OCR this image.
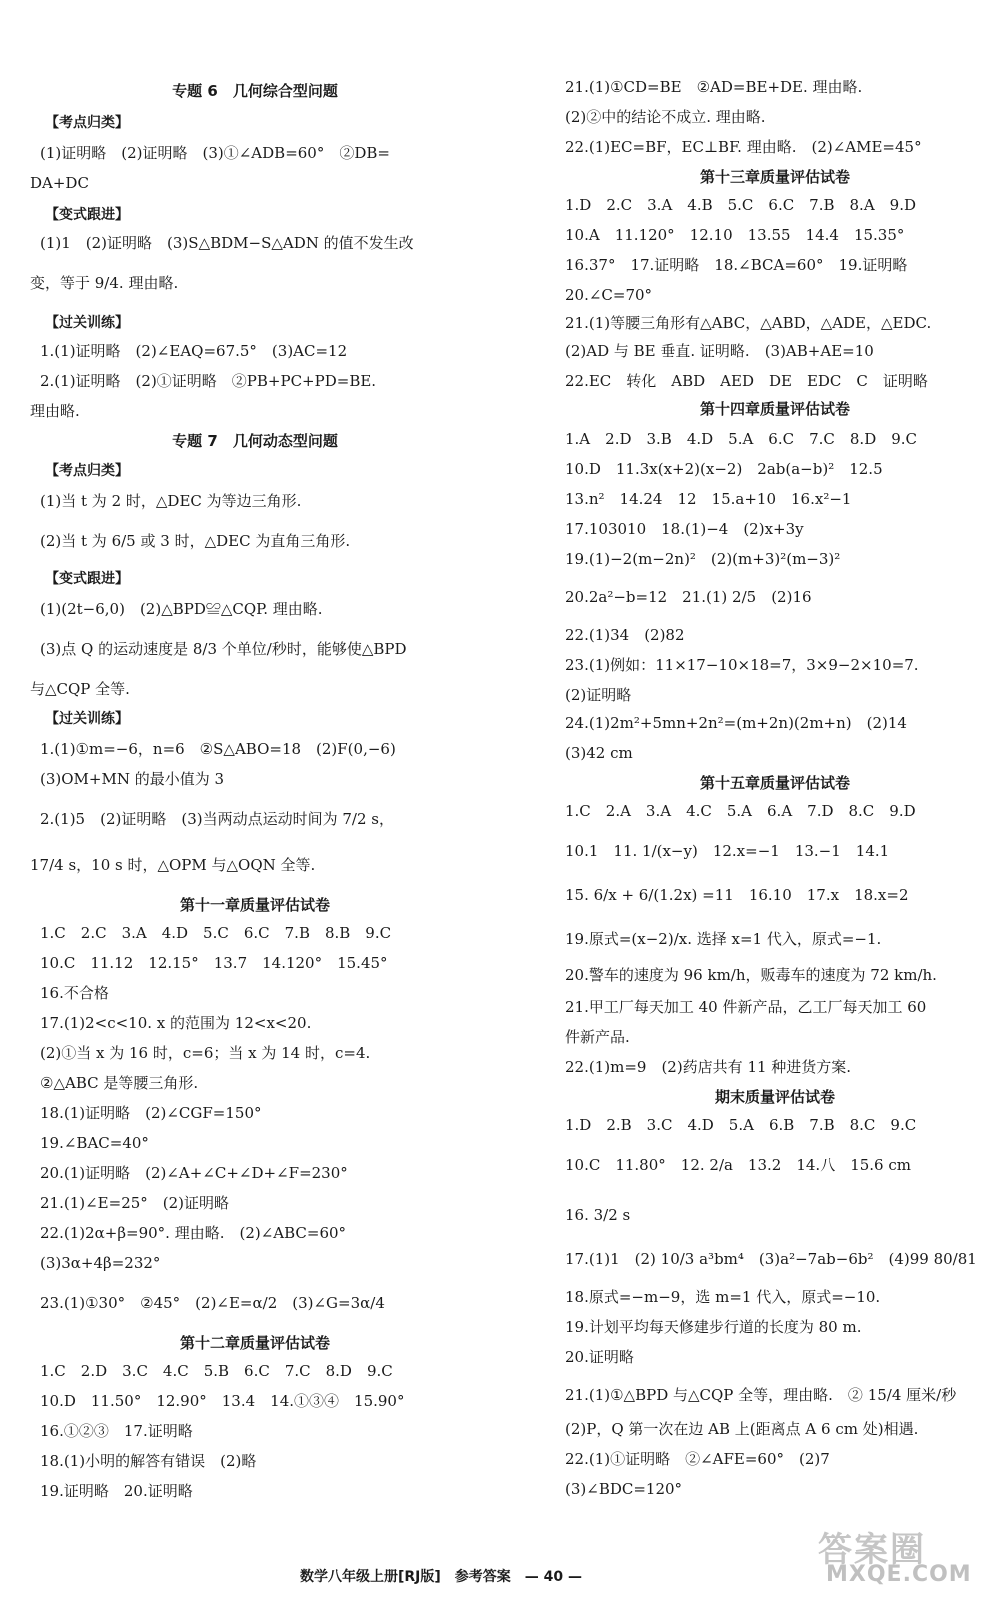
专题 6　几何综合型问题
【考点归类】
(1)证明略　(2)证明略　(3)①∠ADB=60°　②DB=
DA+DC
【变式跟进】
(1)1　(2)证明略　(3)S△BDM−S△ADN 的值不发生改
变，等于 9/4. 理由略.
【过关训练】
1.(1)证明略　(2)∠EAQ=67.5°　(3)AC=12
2.(1)证明略　(2)①证明略　②PB+PC+PD=BE.
理由略.
专题 7　几何动态型问题
【考点归类】
(1)当 t 为 2 时，△DEC 为等边三角形.
(2)当 t 为 6/5 或 3 时，△DEC 为直角三角形.
【变式跟进】
(1)(2t−6,0)　(2)△BPD≌△CQP. 理由略.
(3)点 Q 的运动速度是 8/3 个单位/秒时，能够使△BPD
与△CQP 全等.
【过关训练】
1.(1)①m=−6，n=6　②S△ABO=18　(2)F(0,−6)
(3)OM+MN 的最小值为 3
2.(1)5　(2)证明略　(3)当两动点运动时间为 7/2 s，
17/4 s，10 s 时，△OPM 与△OQN 全等.
第十一章质量评估试卷
1.C　2.C　3.A　4.D　5.C　6.C　7.B　8.B　9.C
10.C　11.12　12.15°　13.7　14.120°　15.45°
16.不合格
17.(1)2<c<10. x 的范围为 12<x<20.
(2)①当 x 为 16 时，c=6；当 x 为 14 时，c=4.
②△ABC 是等腰三角形.
18.(1)证明略　(2)∠CGF=150°
19.∠BAC=40°
20.(1)证明略　(2)∠A+∠C+∠D+∠F=230°
21.(1)∠E=25°　(2)证明略
22.(1)2α+β=90°. 理由略.　(2)∠ABC=60°
(3)3α+4β=232°
23.(1)①30°　②45°　(2)∠E=α/2　(3)∠G=3α/4
第十二章质量评估试卷
1.C　2.D　3.C　4.C　5.B　6.C　7.C　8.D　9.C
10.D　11.50°　12.90°　13.4　14.①③④　15.90°
16.①②③　17.证明略
18.(1)小明的解答有错误　(2)略
19.证明略　20.证明略
21.(1)①CD=BE　②AD=BE+DE. 理由略.
(2)②中的结论不成立. 理由略.
22.(1)EC=BF，EC⊥BF. 理由略.　(2)∠AME=45°
第十三章质量评估试卷
1.D　2.C　3.A　4.B　5.C　6.C　7.B　8.A　9.D
10.A　11.120°　12.10　13.55　14.4　15.35°
16.37°　17.证明略　18.∠BCA=60°　19.证明略
20.∠C=70°
21.(1)等腰三角形有△ABC，△ABD，△ADE，△EDC.
(2)AD 与 BE 垂直. 证明略.　(3)AB+AE=10
22.EC　转化　ABD　AED　DE　EDC　C　证明略
第十四章质量评估试卷
1.A　2.D　3.B　4.D　5.A　6.C　7.C　8.D　9.C
10.D　11.3x(x+2)(x−2)　2ab(a−b)²　12.5
13.n²　14.24　12　15.a+10　16.x²−1
17.103010　18.(1)−4　(2)x+3y
19.(1)−2(m−2n)²　(2)(m+3)²(m−3)²
20.2a²−b=12　21.(1) 2/5　(2)16
22.(1)34　(2)82
23.(1)例如：11×17−10×18=7，3×9−2×10=7.
(2)证明略
24.(1)2m²+5mn+2n²=(m+2n)(2m+n)　(2)14
(3)42 cm
第十五章质量评估试卷
1.C　2.A　3.A　4.C　5.A　6.A　7.D　8.C　9.D
10.1　11. 1/(x−y)　12.x=−1　13.−1　14.1
15. 6/x + 6/(1.2x) =11　16.10　17.x　18.x=2
19.原式=(x−2)/x. 选择 x=1 代入，原式=−1.
20.警车的速度为 96 km/h，贩毒车的速度为 72 km/h.
21.甲工厂每天加工 40 件新产品，乙工厂每天加工 60
件新产品.
22.(1)m=9　(2)药店共有 11 种进货方案.
期末质量评估试卷
1.D　2.B　3.C　4.D　5.A　6.B　7.B　8.C　9.C
10.C　11.80°　12. 2/a　13.2　14.八　15.6 cm
16. 3/2 s
17.(1)1　(2) 10/3 a³bm⁴　(3)a²−7ab−6b²　(4)99 80/81
18.原式=−m−9，选 m=1 代入，原式=−10.
19.计划平均每天修建步行道的长度为 80 m.
20.证明略
21.(1)①△BPD 与△CQP 全等，理由略.　② 15/4 厘米/秒
(2)P，Q 第一次在边 AB 上(距离点 A 6 cm 处)相遇.
22.(1)①证明略　②∠AFE=60°　(2)7
(3)∠BDC=120°
数学八年级上册[RJ版]　参考答案　— 40 —
答案圈
MXQE.COM
